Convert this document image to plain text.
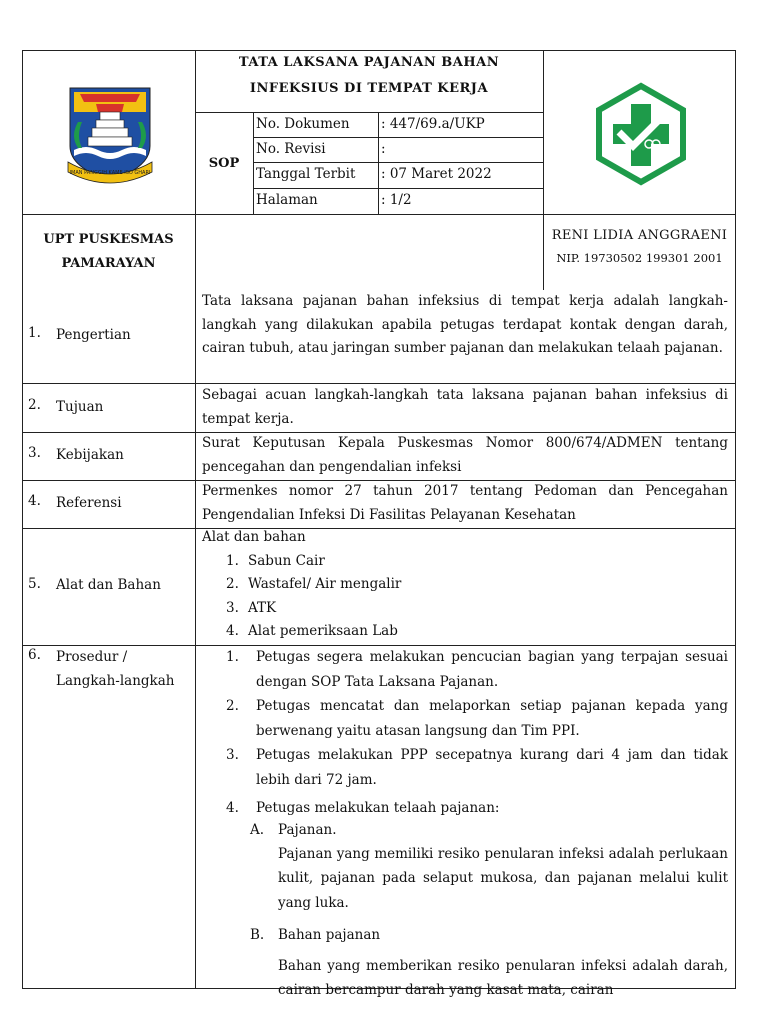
IMAN PANGGIH KAME ISO GHARI
TATA LAKSANA PAJANAN BAHAN
INFEKSIUS DI TEMPAT KERJA
SOP
No. Dokumen : 447/69.a/UKP
No. Revisi	:
Tanggal Terbit : 07 Maret 2022
Halaman	: 1/2
UPT PUSKESMAS
PAMARAYAN
RENI LIDIA ANGGRAENI
NIP. 19730502 199301 2001
1. Pengertian
Tata laksana pajanan bahan infeksius di tempat kerja adalah langkah-langkah yang dilakukan apabila petugas terdapat kontak dengan darah, cairan tubuh, atau jaringan sumber pajanan dan melakukan telaah pajanan.
2. Tujuan
Sebagai acuan langkah-langkah tata laksana pajanan bahan infeksius di tempat kerja.
3. Kebijakan
Surat Keputusan Kepala Puskesmas Nomor 800/674/ADMEN tentang pencegahan dan pengendalian infeksi
4. Referensi
Permenkes nomor 27 tahun 2017 tentang Pedoman dan Pencegahan Pengendalian Infeksi Di Fasilitas Pelayanan Kesehatan
5. Alat dan Bahan

Alat dan bahan

1. Sabun Cair
2. Wastafel/ Air mengalir
3. ATK
4. Alat pemeriksaan Lab
6. Prosedur /
Langkah-langkah
1. Petugas segera melakukan pencucian bagian yang terpajan sesuai dengan SOP Tata Laksana Pajanan.
2. Petugas mencatat dan melaporkan setiap pajanan kepada yang berwenang yaitu atasan langsung dan Tim PPI.
3. Petugas melakukan PPP secepatnya kurang dari 4 jam dan tidak lebih dari 72 jam.
4. Petugas melakukan telaah pajanan:
A. Pajanan.
Pajanan yang memiliki resiko penularan infeksi adalah perlukaan kulit, pajanan pada selaput mukosa, dan pajanan melalui kulit yang luka.
B. Bahan pajanan
Bahan yang memberikan resiko penularan infeksi adalah darah, cairan bercampur darah yang kasat mata, cairan
